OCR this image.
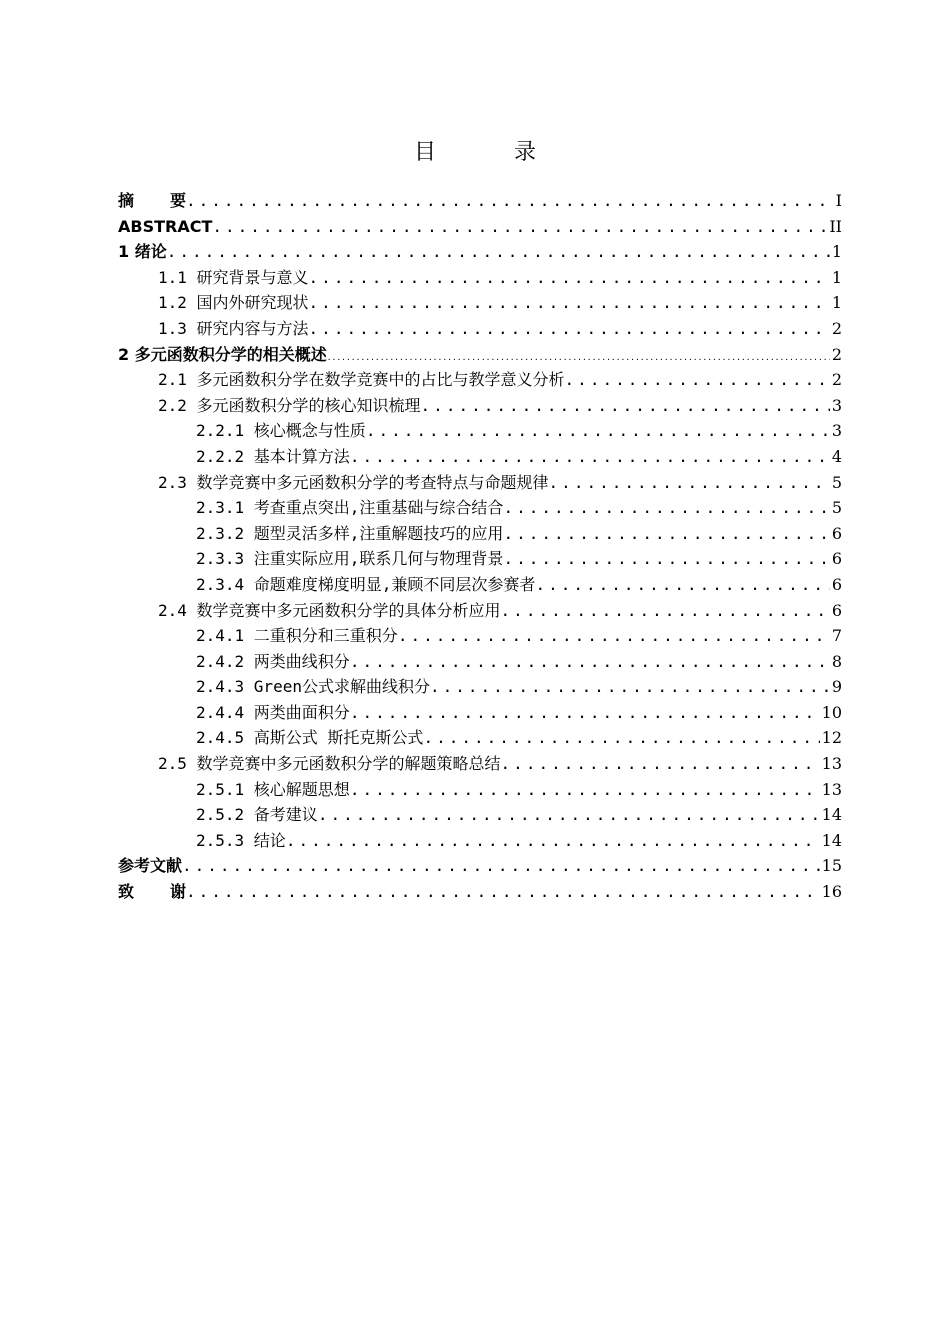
目　录
摘要 .....	I
ABSTRACT .....	II
1 绪论 .....	1
1.1 研究背景与意义 .....	1
1.2 国内外研究现状 .....	1
1.3 研究内容与方法 .....	2
2 多元函数积分学的相关概述 .....	2
2.1 多元函数积分学在数学竞赛中的占比与教学意义分析 .....	2
2.2 多元函数积分学的核心知识梳理 .....	3
2.2.1 核心概念与性质 .....	3
2.2.2 基本计算方法 .....	4
2.3 数学竞赛中多元函数积分学的考查特点与命题规律 .....	5
2.3.1 考查重点突出,注重基础与综合结合 .....	5
2.3.2 题型灵活多样,注重解题技巧的应用 .....	6
2.3.3 注重实际应用,联系几何与物理背景 .....	6
2.3.4 命题难度梯度明显,兼顾不同层次参赛者 .....	6
2.4 数学竞赛中多元函数积分学的具体分析应用 .....	6
2.4.1 二重积分和三重积分 .....	7
2.4.2 两类曲线积分 .....	8
2.4.3 Green公式求解曲线积分 .....	9
2.4.4 两类曲面积分 .....	10
2.4.5 高斯公式 斯托克斯公式 .....	12
2.5 数学竞赛中多元函数积分学的解题策略总结 .....	13
2.5.1 核心解题思想 .....	13
2.5.2 备考建议 .....	14
2.5.3 结论 .....	14
参考文献 .....	15
致谢 .....	16
